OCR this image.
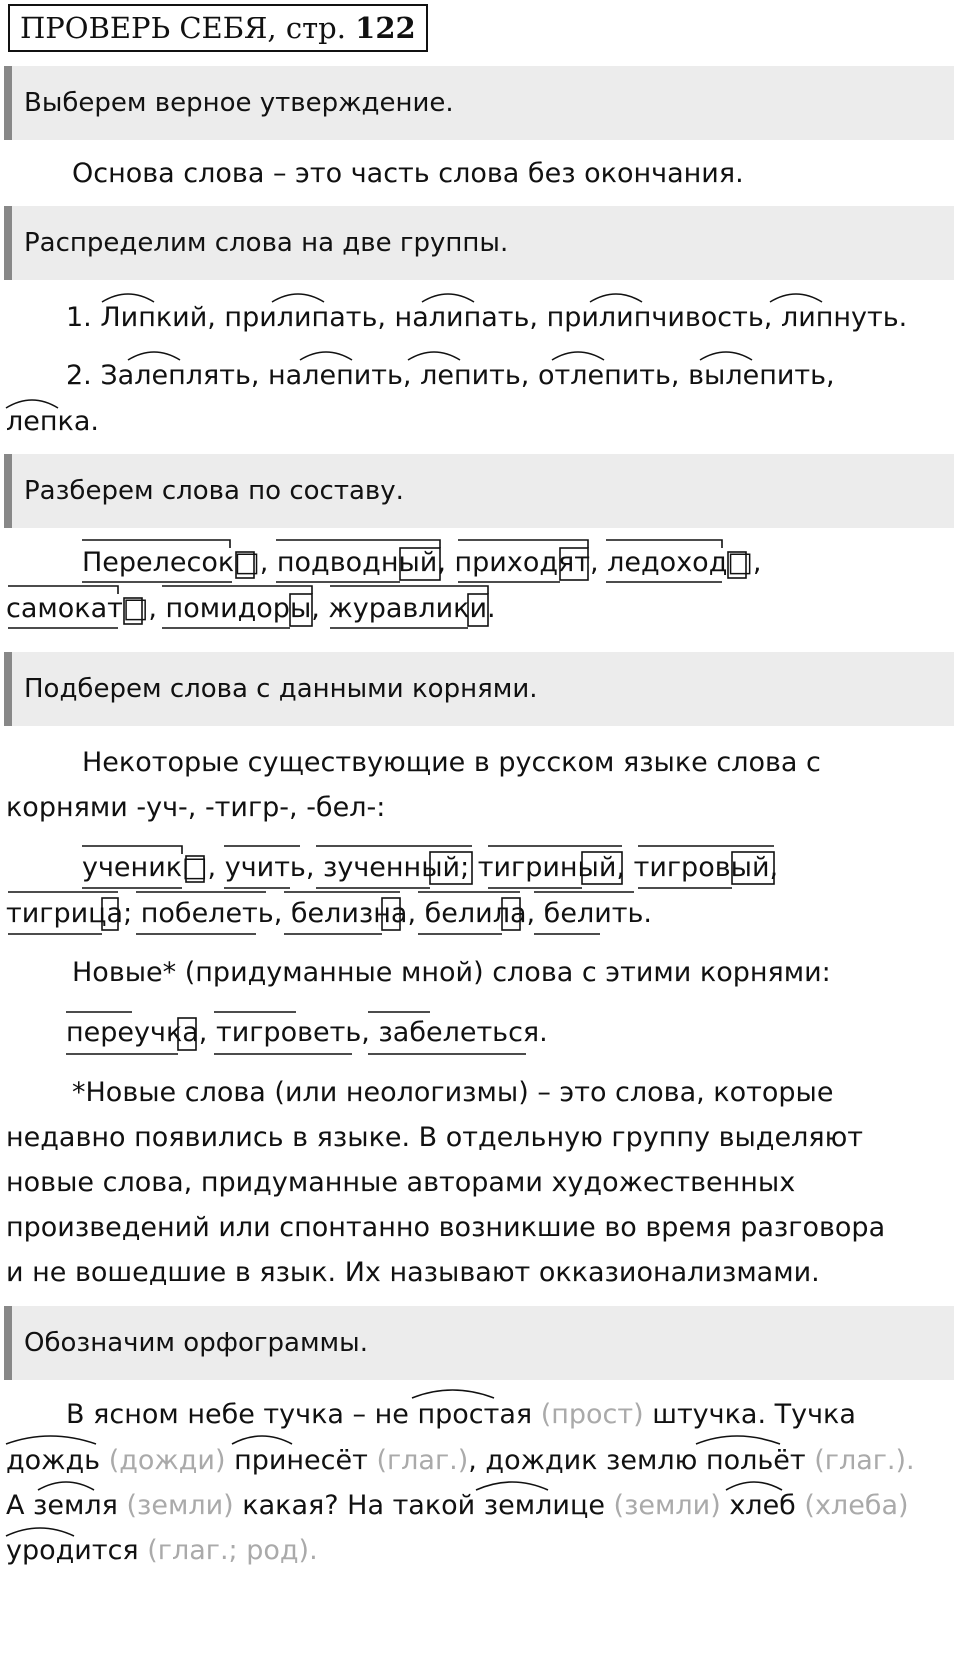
ПРОВЕРЬ СЕБЯ, стр. 122
Выберем верное утверждение.
Основа слова – это часть слова без окончания.
Распределим слова на две группы.
1. Липкий, прилипать, налипать, прилипчивость, липнуть.
2. Залеплять, налепить, лепить, отлепить, вылепить,
лепка.
Разберем слова по составу.
Перелесок□, подводный, приходят, ледоход□,
самокат□, помидоры, журавлики.
Подберем слова с данными корнями.
Некоторые существующие в русском языке слова с
корнями -уч-, -тигр-, -бел-:
ученик□, учить, зученный; тигриный, тигровый,
тигрица; побелеть, белизна, белила, белить.
Новые* (придуманные мной) слова с этими корнями:
переучка, тигроветь, забелеться.
*Новые слова (или неологизмы) – это слова, которые
недавно появились в языке. В отдельную группу выделяют
новые слова, придуманные авторами художественных
произведений или спонтанно возникшие во время разговора
и не вошедшие в язык. Их называют окказионализмами.
Обозначим орфограммы.
В ясном небе тучка – не простая (прост) штучка. Тучка
дождь (дожди) принесёт (глаг.), дождик землю польёт (глаг.).
А земля (земли) какая? На такой землице (земли) хлеб (хлеба)
уродится (глаг.; род).
